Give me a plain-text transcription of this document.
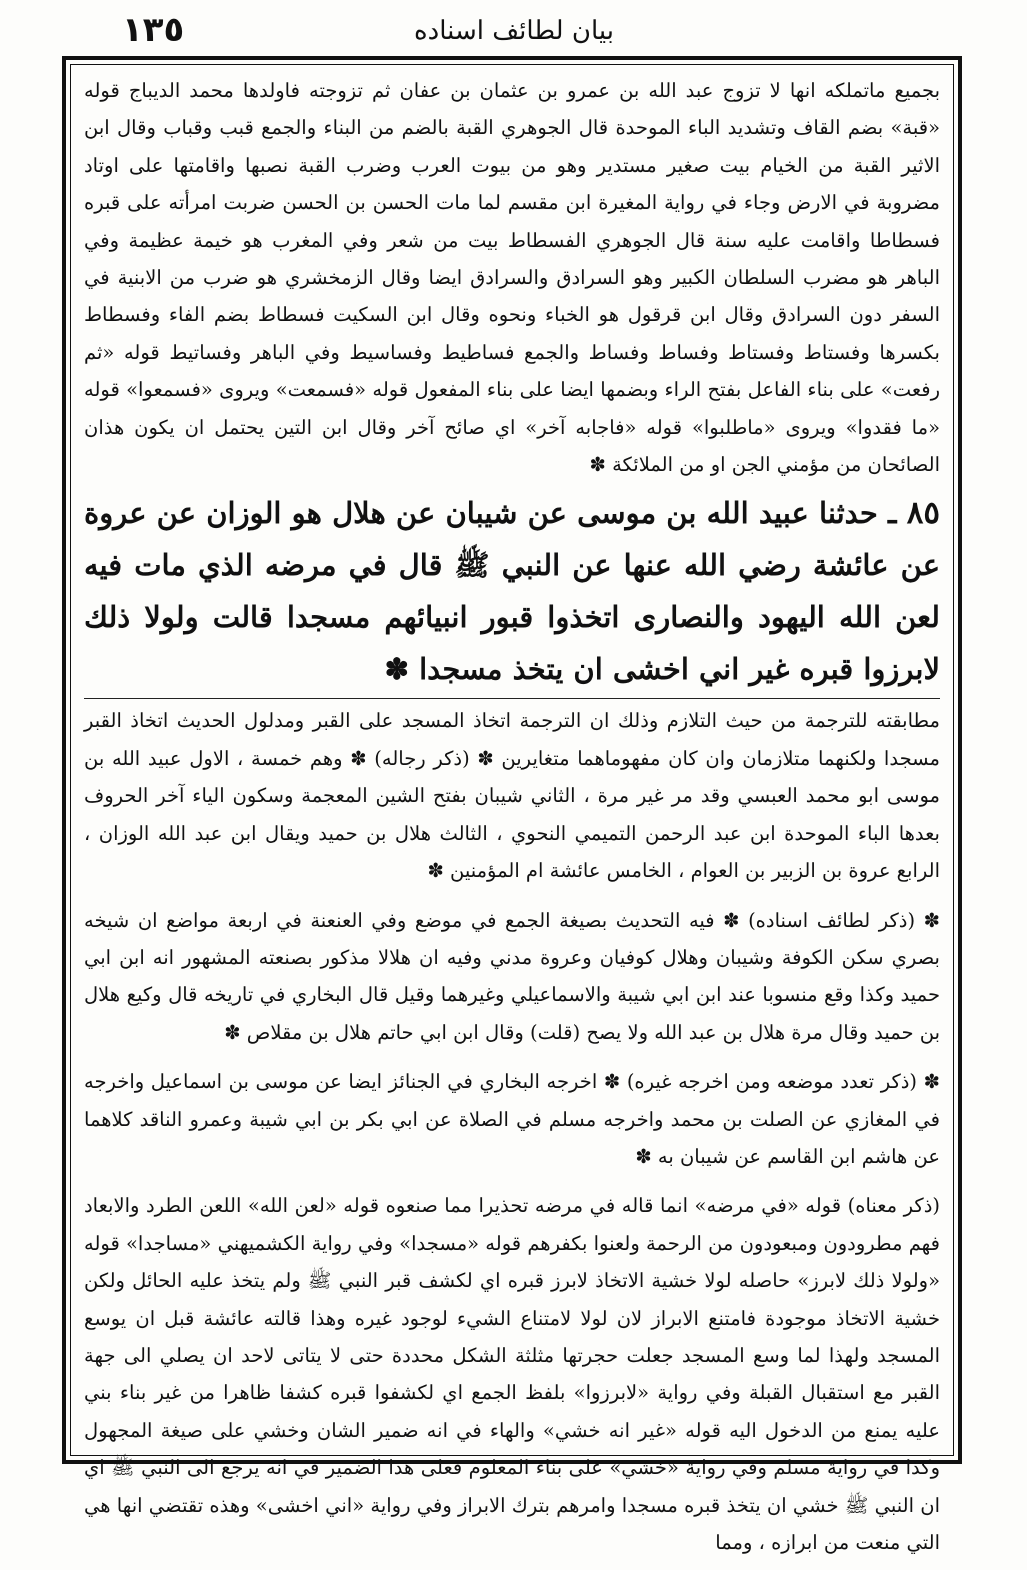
١٣٥	بيان لطائف اسناده

بجميع ماتملكه انها لا تزوج عبد الله بن عمرو بن عثمان بن عفان ثم تزوجته فاولدها محمد الديباج قوله «قبة» بضم القاف وتشديد الباء الموحدة قال الجوهري القبة بالضم من البناء والجمع قبب وقباب وقال ابن الاثير القبة من الخيام بيت صغير مستدير وهو من بيوت العرب وضرب القبة نصبها واقامتها على اوتاد مضروبة في الارض وجاء في رواية المغيرة ابن مقسم لما مات الحسن بن الحسن ضربت امرأته على قبره فسطاطا واقامت عليه سنة قال الجوهري الفسطاط بيت من شعر وفي المغرب هو خيمة عظيمة وفي الباهر هو مضرب السلطان الكبير وهو السرادق والسرادق ايضا وقال الزمخشري هو ضرب من الابنية في السفر دون السرادق وقال ابن قرقول هو الخباء ونحوه وقال ابن السكيت فسطاط بضم الفاء وفسطاط بكسرها وفستاط وفستاط وفساط وفساط والجمع فساطيط وفساسيط وفي الباهر وفساتيط قوله «ثم رفعت» على بناء الفاعل بفتح الراء وبضمها ايضا على بناء المفعول قوله «فسمعت» ويروى «فسمعوا» قوله «ما فقدوا» ويروى «ماطلبوا» قوله «فاجابه آخر» اي صائح آخر وقال ابن التين يحتمل ان يكون هذان الصائحان من مؤمني الجن او من الملائكة ✽

٨٥ ـ حدثنا عبيد الله بن موسى عن شيبان عن هلال هو الوزان عن عروة عن عائشة رضي الله عنها عن النبي ﷺ قال في مرضه الذي مات فيه لعن الله اليهود والنصارى اتخذوا قبور انبيائهم مسجدا قالت ولولا ذلك لابرزوا قبره غير اني اخشى ان يتخذ مسجدا ✽

مطابقته للترجمة من حيث التلازم وذلك ان الترجمة اتخاذ المسجد على القبر ومدلول الحديث اتخاذ القبر مسجدا ولكنهما متلازمان وان كان مفهوماهما متغايرين ✽ (ذكر رجاله) ✽ وهم خمسة ، الاول عبيد الله بن موسى ابو محمد العبسي وقد مر غير مرة ، الثاني شيبان بفتح الشين المعجمة وسكون الياء آخر الحروف بعدها الباء الموحدة ابن عبد الرحمن التميمي النحوي ، الثالث هلال بن حميد ويقال ابن عبد الله الوزان ، الرابع عروة بن الزبير بن العوام ، الخامس عائشة ام المؤمنين ✽

✽ (ذكر لطائف اسناده) ✽ فيه التحديث بصيغة الجمع في موضع وفي العنعنة في اربعة مواضع ان شيخه بصري سكن الكوفة وشيبان وهلال كوفيان وعروة مدني وفيه ان هلالا مذكور بصنعته المشهور انه ابن ابي حميد وكذا وقع منسوبا عند ابن ابي شيبة والاسماعيلي وغيرهما وقيل قال البخاري في تاريخه قال وكيع هلال بن حميد وقال مرة هلال بن عبد الله ولا يصح (قلت) وقال ابن ابي حاتم هلال بن مقلاص ✽

✽ (ذكر تعدد موضعه ومن اخرجه غيره) ✽ اخرجه البخاري في الجنائز ايضا عن موسى بن اسماعيل واخرجه في المغازي عن الصلت بن محمد واخرجه مسلم في الصلاة عن ابي بكر بن ابي شيبة وعمرو الناقد كلاهما عن هاشم ابن القاسم عن شيبان به ✽

(ذكر معناه) قوله «في مرضه» انما قاله في مرضه تحذيرا مما صنعوه قوله «لعن الله» اللعن الطرد والابعاد فهم مطرودون ومبعودون من الرحمة ولعنوا بكفرهم قوله «مسجدا» وفي رواية الكشميهني «مساجدا» قوله «ولولا ذلك لابرز» حاصله لولا خشية الاتخاذ لابرز قبره اي لكشف قبر النبي ﷺ ولم يتخذ عليه الحائل ولكن خشية الاتخاذ موجودة فامتنع الابراز لان لولا لامتناع الشيء لوجود غيره وهذا قالته عائشة قبل ان يوسع المسجد ولهذا لما وسع المسجد جعلت حجرتها مثلثة الشكل محددة حتى لا يتاتى لاحد ان يصلي الى جهة القبر مع استقبال القبلة وفي رواية «لابرزوا» بلفظ الجمع اي لكشفوا قبره كشفا ظاهرا من غير بناء بني عليه يمنع من الدخول اليه قوله «غير انه خشي» والهاء في انه ضمير الشان وخشي على صيغة المجهول وكذا في رواية مسلم وفي رواية «خشي» على بناء المعلوم فعلى هذا الضمير في انه يرجع الى النبي ﷺ اي ان النبي ﷺ خشي ان يتخذ قبره مسجدا وامرهم بترك الابراز وفي رواية «اني اخشى» وهذه تقتضي انها هي التي منعت من ابرازه ، ومما
